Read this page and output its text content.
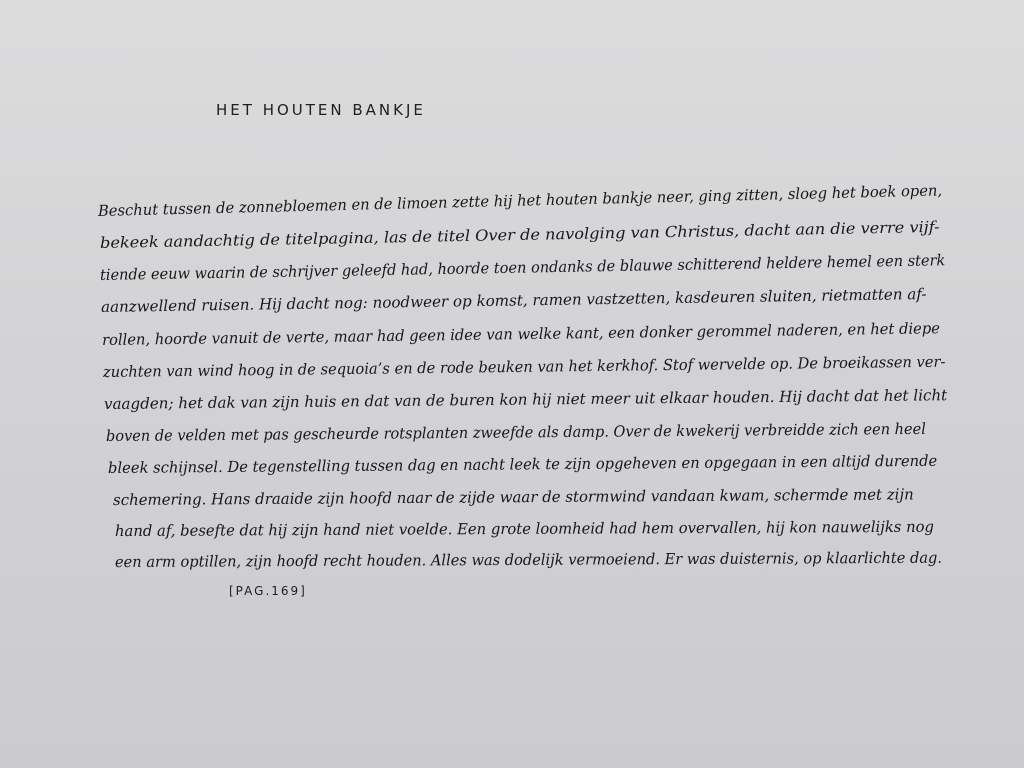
HET HOUTEN BANKJE
Beschut tussen de zonnebloemen en de limoen zette hij het houten bankje neer, ging zitten, sloeg het boek open,
bekeek aandachtig de titelpagina, las de titel Over de navolging van Christus, dacht aan die verre vijf-
tiende eeuw waarin de schrijver geleefd had, hoorde toen ondanks de blauwe schitterend heldere hemel een sterk
aanzwellend ruisen. Hij dacht nog: noodweer op komst, ramen vastzetten, kasdeuren sluiten, rietmatten af-
rollen, hoorde vanuit de verte, maar had geen idee van welke kant, een donker gerommel naderen, en het diepe
zuchten van wind hoog in de sequoia’s en de rode beuken van het kerkhof. Stof wervelde op. De broeikassen ver-
vaagden; het dak van zijn huis en dat van de buren kon hij niet meer uit elkaar houden. Hij dacht dat het licht
boven de velden met pas gescheurde rotsplanten zweefde als damp. Over de kwekerij verbreidde zich een heel
bleek schijnsel. De tegenstelling tussen dag en nacht leek te zijn opgeheven en opgegaan in een altijd durende
schemering. Hans draaide zijn hoofd naar de zijde waar de stormwind vandaan kwam, schermde met zijn
hand af, besefte dat hij zijn hand niet voelde. Een grote loomheid had hem overvallen, hij kon nauwelijks nog
een arm optillen, zijn hoofd recht houden. Alles was dodelijk vermoeiend. Er was duisternis, op klaarlichte dag.
[PAG.169]
